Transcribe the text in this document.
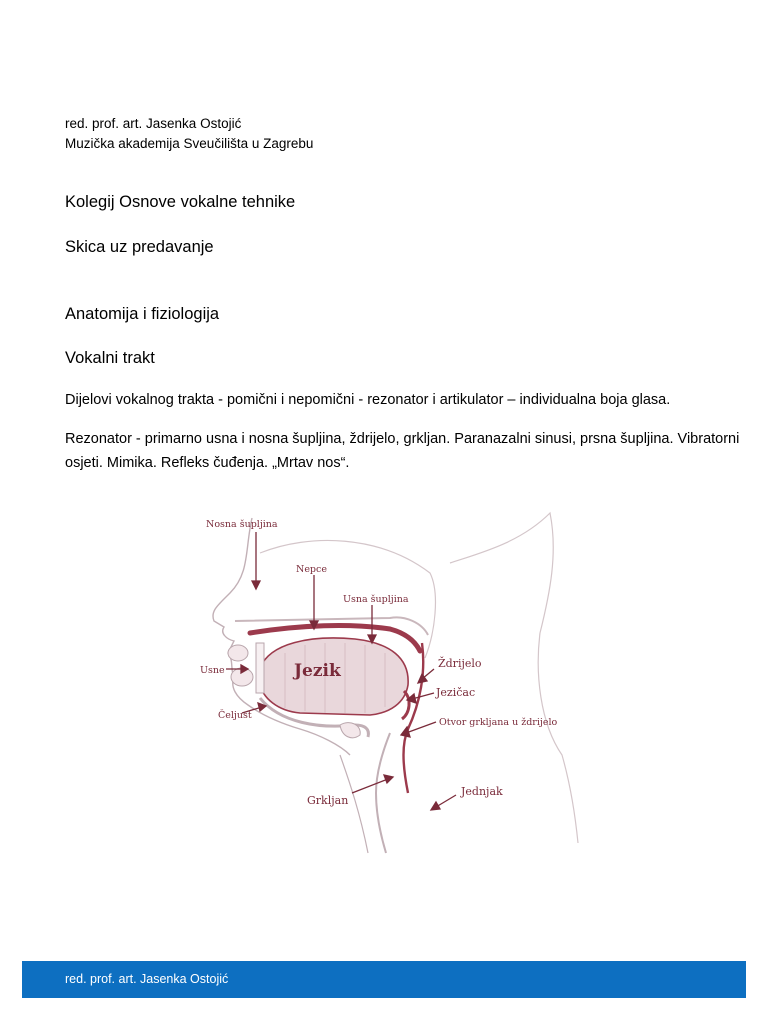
red. prof. art. Jasenka Ostojić
Muzička akademija Sveučilišta u Zagrebu
Kolegij Osnove vokalne tehnike
Skica uz predavanje
Anatomija i fiziologija
Vokalni trakt
Dijelovi vokalnog trakta - pomični i nepomični - rezonator i artikulator – individualna boja glasa.
Rezonator - primarno usna i nosna šupljina, ždrijelo, grkljan. Paranazalni sinusi, prsna šupljina. Vibratorni osjeti. Mimika. Refleks čuđenja. „Mrtav nos“.
Nosna šupljina
Nepce
Usna šupljina
Usne	Jezik
Čeljust
Ždrijelo
Jezičac
Otvor grkljana u ždrijelo
Grkljan
Jednjak
red. prof. art. Jasenka Ostojić
